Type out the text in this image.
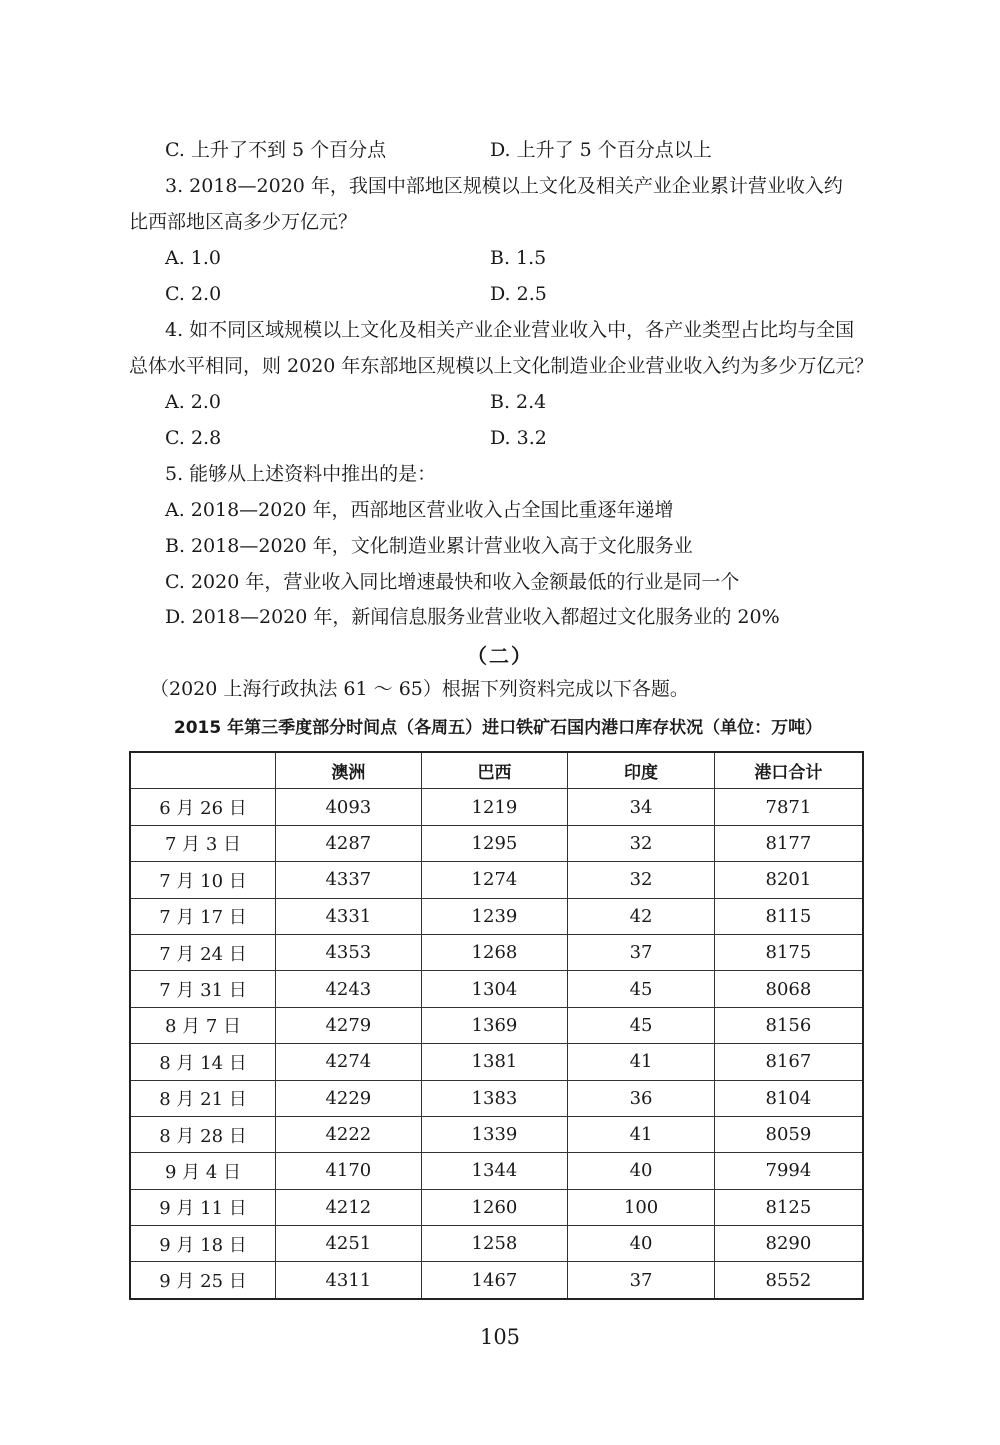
C. 上升了不到 5 个百分点	D. 上升了 5 个百分点以上
3. 2018—2020 年，我国中部地区规模以上文化及相关产业企业累计营业收入约
比西部地区高多少万亿元？
A. 1.0	B. 1.5
C. 2.0	D. 2.5
4. 如不同区域规模以上文化及相关产业企业营业收入中，各产业类型占比均与全国
总体水平相同，则 2020 年东部地区规模以上文化制造业企业营业收入约为多少万亿元？
A. 2.0	B. 2.4
C. 2.8	D. 3.2
5. 能够从上述资料中推出的是：
A. 2018—2020 年，西部地区营业收入占全国比重逐年递增
B. 2018—2020 年，文化制造业累计营业收入高于文化服务业
C. 2020 年，营业收入同比增速最快和收入金额最低的行业是同一个
D. 2018—2020 年，新闻信息服务业营业收入都超过文化服务业的 20%
（二）
（2020 上海行政执法 61 ～ 65）根据下列资料完成以下各题。
2015 年第三季度部分时间点（各周五）进口铁矿石国内港口库存状况（单位：万吨）
	澳洲	巴西	印度	港口合计
6 月 26 日	4093	1219	34	7871
7 月 3 日	4287	1295	32	8177
7 月 10 日	4337	1274	32	8201
7 月 17 日	4331	1239	42	8115
7 月 24 日	4353	1268	37	8175
7 月 31 日	4243	1304	45	8068
8 月 7 日	4279	1369	45	8156
8 月 14 日	4274	1381	41	8167
8 月 21 日	4229	1383	36	8104
8 月 28 日	4222	1339	41	8059
9 月 4 日	4170	1344	40	7994
9 月 11 日	4212	1260	100	8125
9 月 18 日	4251	1258	40	8290
9 月 25 日	4311	1467	37	8552
105
